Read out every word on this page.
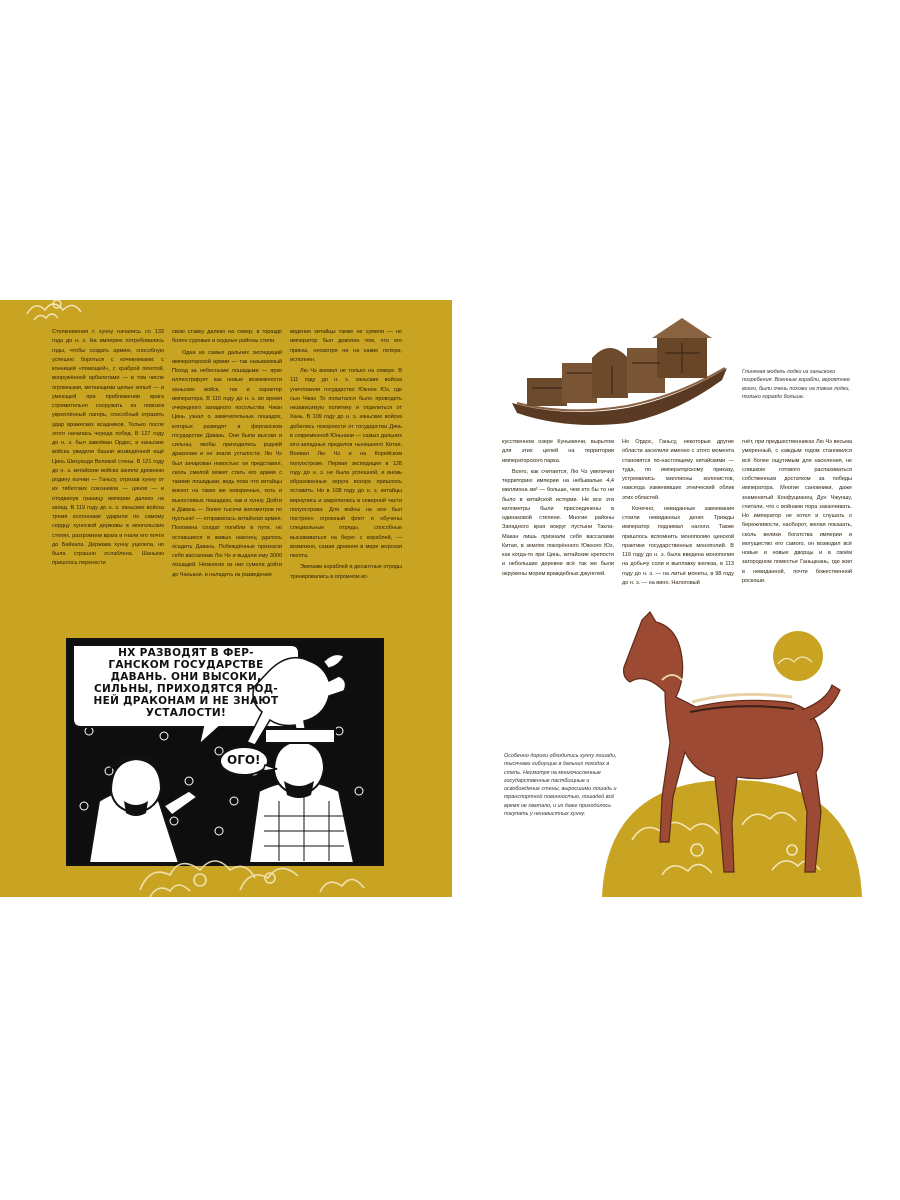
Столкновения с хунну начались со 133 года до н. э. На империю потребовались годы, чтобы создать армию, способную успешно бороться с кочевниками: с конницей «помощей», с храброй пехотой, вооружённой арбалетами — в том числе огромными, метающими целые копья! — и умеющей при приближении врага стремительно сооружать из повозок укреплённый лагерь, способный отразить удар вражеских всадников. Только после этого началась череда побед. В 127 году до н. э. был завоёван Ордос, и ханьские войска увидели башни возведённой ещё Цинь Шихуанди Великой стены. В 121 году до н. э. китайские войска заняли древнюю родину юэчжи — Ганьсу, отрезав хунну от их тибетских союзников — цянов — и отодвинув границу империи далеко на запад. В 119 году до н. э. ханьские войска тремя колоннами ударили по самому сердцу хуннской державы в монгольских степях, разгромили врага и гнали его почти до Байкала. Держава хунну уцелела, но была страшно ослаблена. Шаньюю пришлось перенести

свою ставку далеко на север, в гораздо более суровые и скудные районы степи.

Одна из самых дальних экспедиций императорской армии — так называемый Поход за небесными лошадьми — ярко иллюстрирует как новые возможности ханьских войск, так и характер императора. В 115 году до н. э. во время очередного западного посольства Чжан Цянь узнал о замечательных лошадях, которых разводят в ферганском государстве Давань. Они были высоки и сильны, якобы приходились роднёй драконам и не знали усталости. Лю Чэ был зачарован новостью: он представил, сколь смелой может стать его армия с такими лошадьми, ведь пока что китайцы воюют на таких же невзрачных, хоть и выносливых лошадках, как и хунну. Дойти в Давань — более тысячи километров по пустыне! — отправилась китайская армия. Половина солдат погибли в пути, но оставшиеся в живых наконец удалось осадить Давань. Побеждённые признали себя вассалами Лю Чэ и выдали ему 3000 лошадей. Немногие из них сумели дойти до Чаньани, и наладить из разведения

ведение китайцы также не сумели — но император был доволен тем, что его приказ, несмотря ни на какие потери, исполнен.

Лю Чэ воевал не только на севере. В 111 году до н. э. ханьские войска уничтожили государство Южное Юэ, где сын Чжао То попытался было проводить независимую политику и отделиться от Хань. В 109 году до н. э. ханьские войска добились покорности от государства Дянь в современной Юньнани — самых дальних юго-западных пределов нынешнего Китая. Воевал Лю Чэ и на Корейском полуострове. Первая экспедиция в 128 году до н. э. не была успешной, и вновь образованные округа вскоре пришлось оставить. Но в 108 году до н. э. китайцы вернулись и закрепились в северной части полуострова. Для войны на юге был построен огромный флот и обучены специальные отряды, способные высаживаться на берег с кораблей, — возможно, самая древняя в мире морская пехота.

Экипажи кораблей и десантные отряды тренировались в огромном ис-

НХ РАЗВОДЯТ В ФЕР-
ГАНСКОМ ГОСУДАРСТВЕ
ДАВАНЬ. ОНИ ВЫСОКИ,
СИЛЬНЫ, ПРИХОДЯТСЯ РОД-
НЕЙ ДРАКОНАМ И НЕ ЗНАЮТ
УСТАЛОСТИ!
ОГО!
Глиняная модель лодки из ханьского погребения. Военные корабли, вероятнее всего, были очень похожи на такие лодки, только гораздо больше.

кусственном озере Куньминчи, вырытом для этих целей на территории императорского парка.

Всего, как считается, Лю Чэ увеличил территорию империи на небывалые 4,4 миллиона км² — больше, чем кто бы то ни было в китайской истории. Не все эти километры были присоединены в одинаковой степени. Многие районы Западного края вокруг пустыни Такла-Макан лишь признали себя вассалами Китая, в землях покорённого Южного Юэ, как когда-то при Цинь, китайские крепости и небольшие деревни всё так же были окружены морем враждебных джунглей.

Но Ордос, Ганьсу, некоторые другие области заселили именно с этого момента становятся по-настоящему китайскими — туда, по императорскому приказу, устремились миллионы колонистов, навсегда изменивших этнический облик этих областей.

Конечно, невиданные завоевания стоили невиданных денег. Трижды император поднимал налоги. Также пришлось вспомнить монополию цинской практики государственных монополий. В 119 году до н. э. была введена монополия на добычу соли и выплавку железа, в 113 году до н. э. — на литьё монеты, в 98 году до н. э. — на вино. Налоговый

гнёт, при предшественниках Лю Чэ весьма умеренный, с каждым годом становился всё более ощутимым для населения, не слишком готового распахиваться собственным достатком за победы императора. Многие сановники, даже знаменитый Конфуцианец Дун Чжуншу, считали, что с войнами пора заканчивать. Но император не хотел и слушать о бережливости, наоборот, желая показать, сколь велики богатства империи и могущество его самого, он возводил всё новые и новые дворцы и в своём загородном поместье Ганьцюань, где жил в невиданной, почти божественной роскоши.

Особенно дороги обходились хунну лошади, тысячами гибнущие в дальних походах в степь. Несмотря на многочисленные государственные пастбищные и освобождение стены, выросшими лошадь и транспортной повинностью, лошадей всё время не хватало, и их даже приходилось покупать у ненавистных хунну.
